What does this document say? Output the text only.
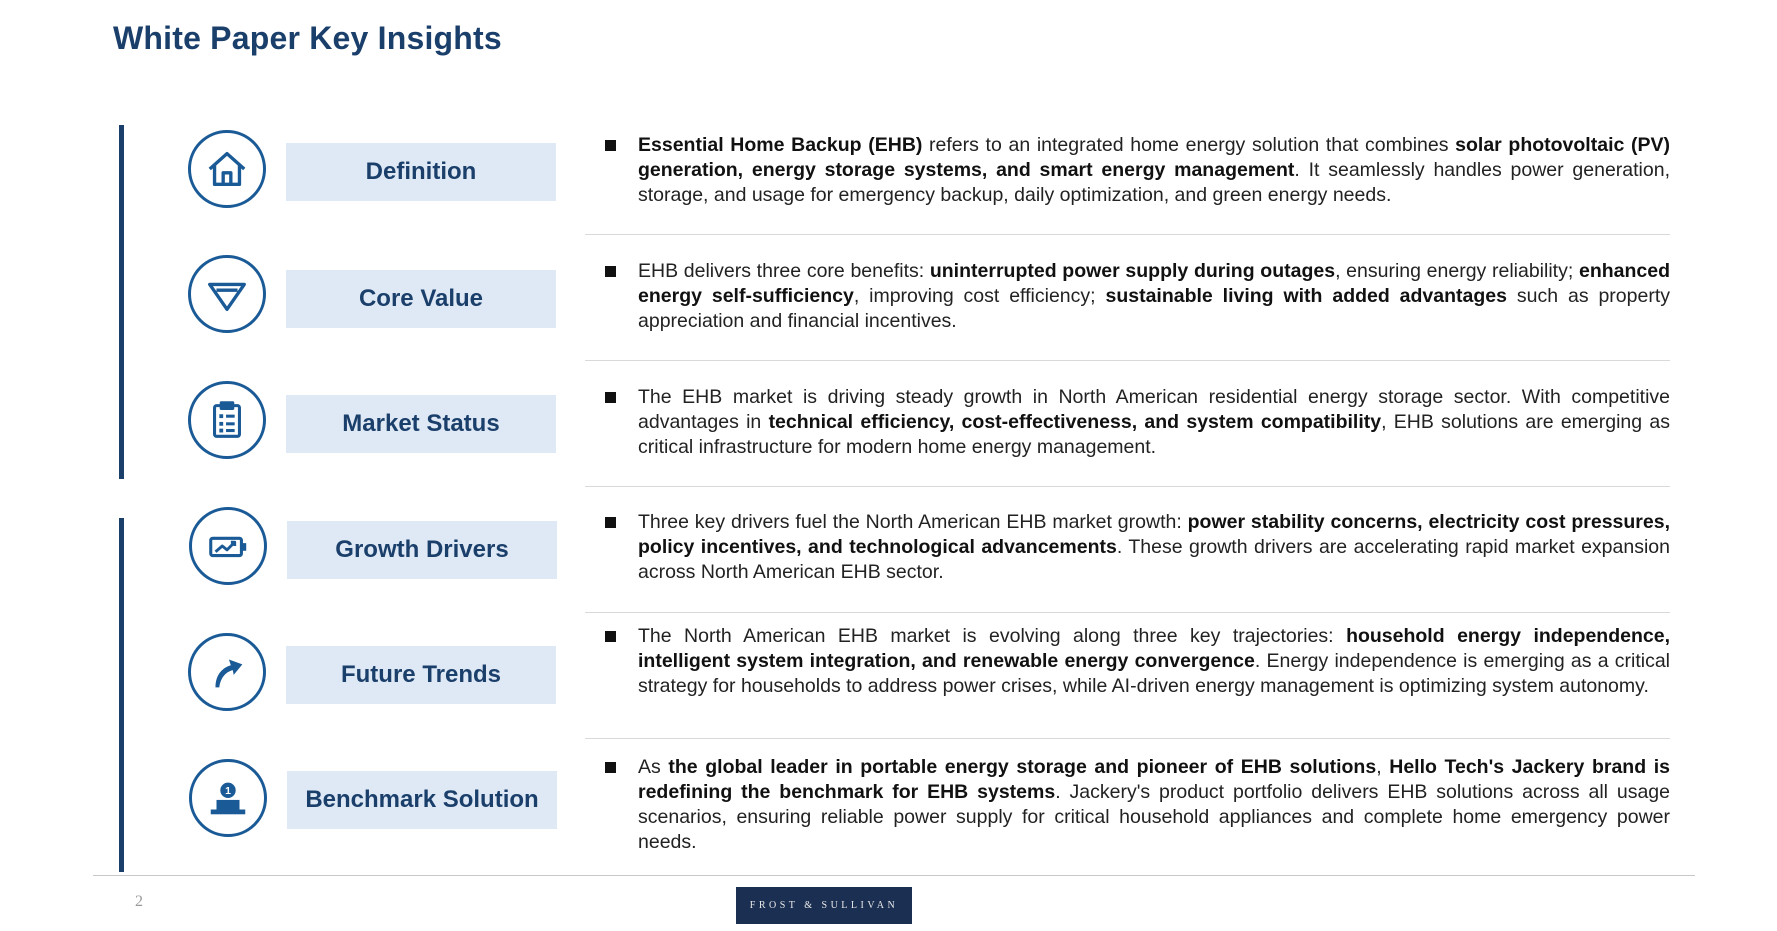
White Paper Key Insights
Definition
Essential Home Backup (EHB) refers to an integrated home energy solution that combines solar photovoltaic (PV) generation, energy storage systems, and smart energy management. It seamlessly handles power generation, storage, and usage for emergency backup, daily optimization, and green energy needs.
Core Value
EHB delivers three core benefits: uninterrupted power supply during outages, ensuring energy reliability; enhanced energy self-sufficiency, improving cost efficiency; sustainable living with added advantages such as property appreciation and financial incentives.
Market Status
The EHB market is driving steady growth in North American residential energy storage sector. With competitive advantages in technical efficiency, cost-effectiveness, and system compatibility, EHB solutions are emerging as critical infrastructure for modern home energy management.
Growth Drivers
Three key drivers fuel the North American EHB market growth: power stability concerns, electricity cost pressures, policy incentives, and technological advancements. These growth drivers are accelerating rapid market expansion across North American EHB sector.
Future Trends
The North American EHB market is evolving along three key trajectories: household energy independence, intelligent system integration, and renewable energy convergence. Energy independence is emerging as a critical strategy for households to address power crises, while AI-driven energy management is optimizing system autonomy.
1	Benchmark Solution
As the global leader in portable energy storage and pioneer of EHB solutions, Hello Tech's Jackery brand is redefining the benchmark for EHB systems. Jackery's product portfolio delivers EHB solutions across all usage scenarios, ensuring reliable power supply for critical household appliances and complete home emergency power needs.
2	FROST & SULLIVAN
